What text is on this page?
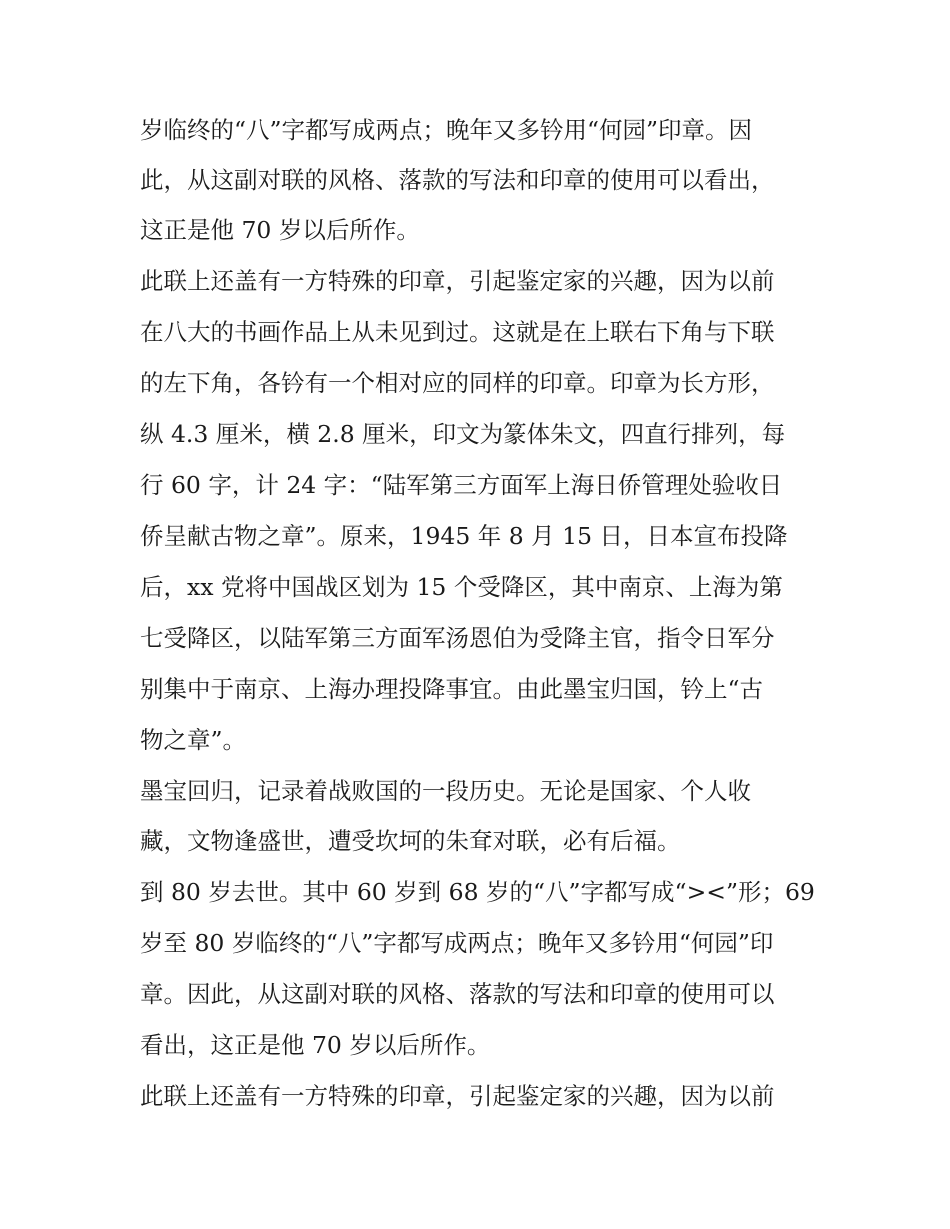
岁临终的“八”字都写成两点；晚年又多钤用“何园”印章。因
此，从这副对联的风格、落款的写法和印章的使用可以看出，
这正是他 70 岁以后所作。
此联上还盖有一方特殊的印章，引起鉴定家的兴趣，因为以前
在八大的书画作品上从未见到过。这就是在上联右下角与下联
的左下角，各钤有一个相对应的同样的印章。印章为长方形，
纵 4.3 厘米，横 2.8 厘米，印文为篆体朱文，四直行排列，每
行 60 字，计 24 字：“陆军第三方面军上海日侨管理处验收日
侨呈献古物之章”。原来，1945 年 8 月 15 日，日本宣布投降
后，xx 党将中国战区划为 15 个受降区，其中南京、上海为第
七受降区，以陆军第三方面军汤恩伯为受降主官，指令日军分
别集中于南京、上海办理投降事宜。由此墨宝归国，钤上“古
物之章”。
墨宝回归，记录着战败国的一段历史。无论是国家、个人收
藏，文物逢盛世，遭受坎坷的朱耷对联，必有后福。
到 80 岁去世。其中 60 岁到 68 岁的“八”字都写成“><”形；69
岁至 80 岁临终的“八”字都写成两点；晚年又多钤用“何园”印
章。因此，从这副对联的风格、落款的写法和印章的使用可以
看出，这正是他 70 岁以后所作。
此联上还盖有一方特殊的印章，引起鉴定家的兴趣，因为以前
